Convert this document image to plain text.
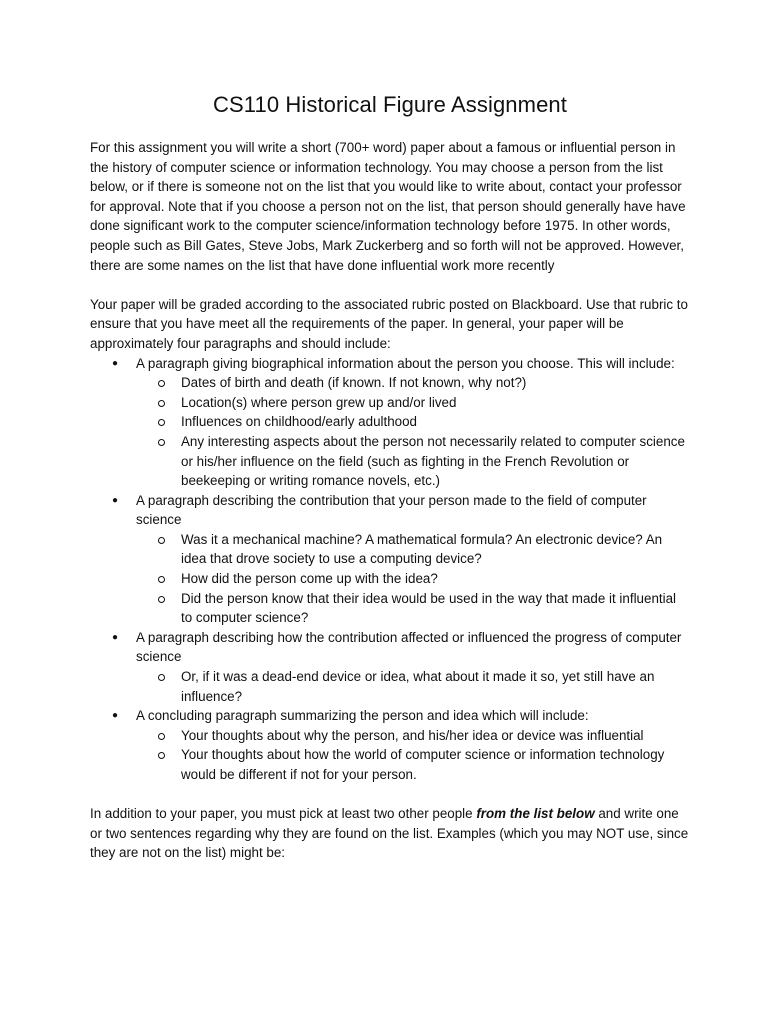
CS110 Historical Figure Assignment

For this assignment you will write a short (700+ word) paper about a famous or influential person in the history of computer science or information technology. You may choose a person from the list below, or if there is someone not on the list that you would like to write about, contact your professor for approval. Note that if you choose a person not on the list, that person should generally have have done significant work to the computer science/information technology before 1975. In other words, people such as Bill Gates, Steve Jobs, Mark Zuckerberg and so forth will not be approved. However, there are some names on the list that have done influential work more recently

Your paper will be graded according to the associated rubric posted on Blackboard. Use that rubric to ensure that you have meet all the requirements of the paper. In general, your paper will be approximately four paragraphs and should include:

● A paragraph giving biographical information about the person you choose. This will include:
Dates of birth and death (if known. If not known, why not?)
Location(s) where person grew up and/or lived
Influences on childhood/early adulthood
Any interesting aspects about the person not necessarily related to computer science or his/her influence on the field (such as fighting in the French Revolution or beekeeping or writing romance novels, etc.)
● A paragraph describing the contribution that your person made to the field of computer science
Was it a mechanical machine? A mathematical formula? An electronic device? An idea that drove society to use a computing device?
How did the person come up with the idea?
Did the person know that their idea would be used in the way that made it influential to computer science?
● A paragraph describing how the contribution affected or influenced the progress of computer science
Or, if it was a dead-end device or idea, what about it made it so, yet still have an influence?
● A concluding paragraph summarizing the person and idea which will include:
Your thoughts about why the person, and his/her idea or device was influential
Your thoughts about how the world of computer science or information technology would be different if not for your person.

In addition to your paper, you must pick at least two other people from the list below and write one or two sentences regarding why they are found on the list. Examples (which you may NOT use, since they are not on the list) might be:
